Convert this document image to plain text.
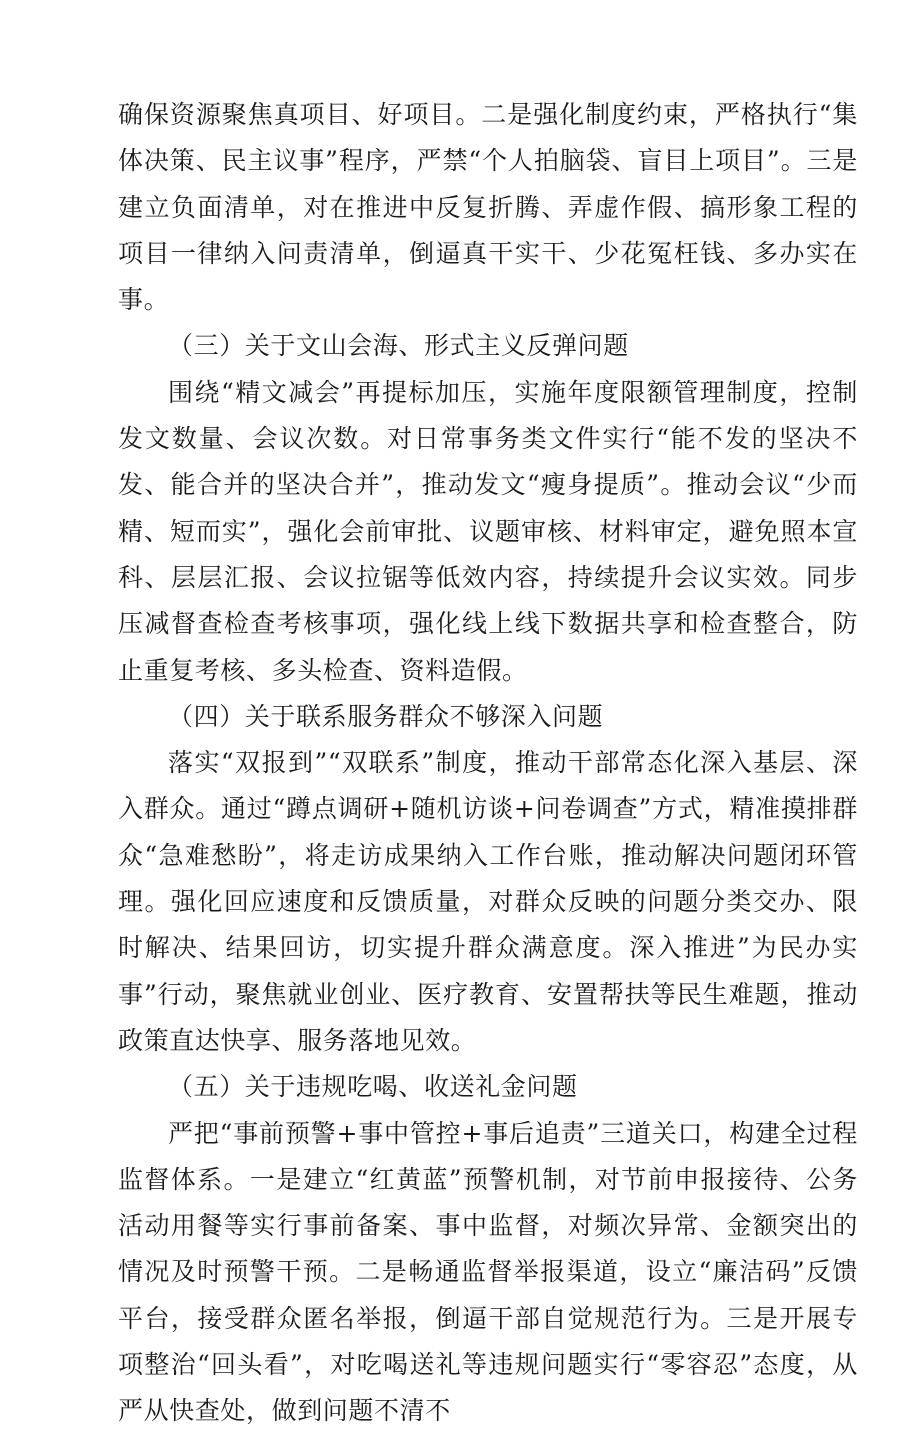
确保资源聚焦真项目、好项目。二是强化制度约束，严格执行“集体决策、民主议事”程序，严禁“个人拍脑袋、盲目上项目”。三是建立负面清单，对在推进中反复折腾、弄虚作假、搞形象工程的项目一律纳入问责清单，倒逼真干实干、少花冤枉钱、多办实在事。

（三）关于文山会海、形式主义反弹问题

围绕“精文减会”再提标加压，实施年度限额管理制度，控制发文数量、会议次数。对日常事务类文件实行“能不发的坚决不发、能合并的坚决合并”，推动发文“瘦身提质”。推动会议“少而精、短而实”，强化会前审批、议题审核、材料审定，避免照本宣科、层层汇报、会议拉锯等低效内容，持续提升会议实效。同步压减督查检查考核事项，强化线上线下数据共享和检查整合，防止重复考核、多头检查、资料造假。

（四）关于联系服务群众不够深入问题

落实“双报到”“双联系”制度，推动干部常态化深入基层、深入群众。通过“蹲点调研+随机访谈+问卷调查”方式，精准摸排群众“急难愁盼”，将走访成果纳入工作台账，推动解决问题闭环管理。强化回应速度和反馈质量，对群众反映的问题分类交办、限时解决、结果回访，切实提升群众满意度。深入推进”为民办实事”行动，聚焦就业创业、医疗教育、安置帮扶等民生难题，推动政策直达快享、服务落地见效。

（五）关于违规吃喝、收送礼金问题

严把“事前预警+事中管控+事后追责”三道关口，构建全过程监督体系。一是建立“红黄蓝”预警机制，对节前申报接待、公务活动用餐等实行事前备案、事中监督，对频次异常、金额突出的情况及时预警干预。二是畅通监督举报渠道，设立“廉洁码”反馈平台，接受群众匿名举报，倒逼干部自觉规范行为。三是开展专项整治“回头看”，对吃喝送礼等违规问题实行“零容忍”态度，从严从快查处，做到问题不清不
